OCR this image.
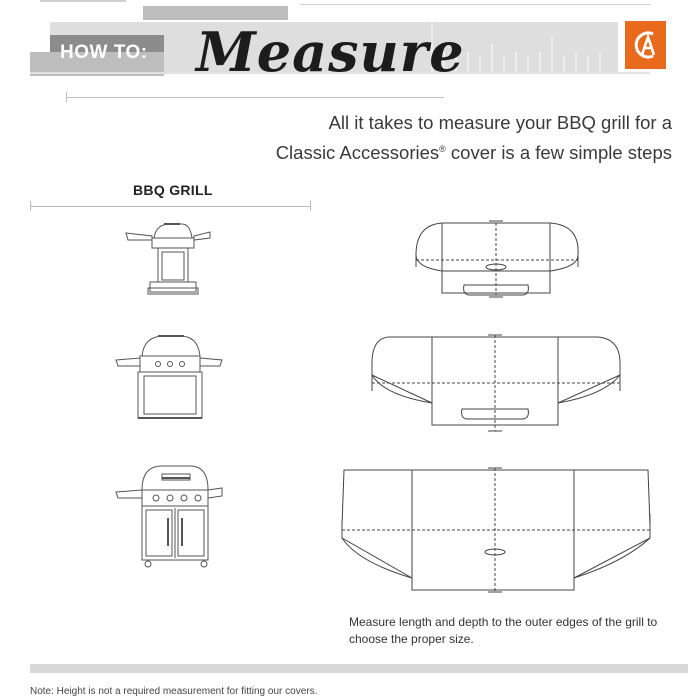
HOW TO: Measure
All it takes to measure your BBQ grill for a
Classic Accessories® cover is a few simple steps
BBQ GRILL
Measure length and depth to the outer edges of the grill to choose the proper size.
Note: Height is not a required measurement for fitting our covers.
